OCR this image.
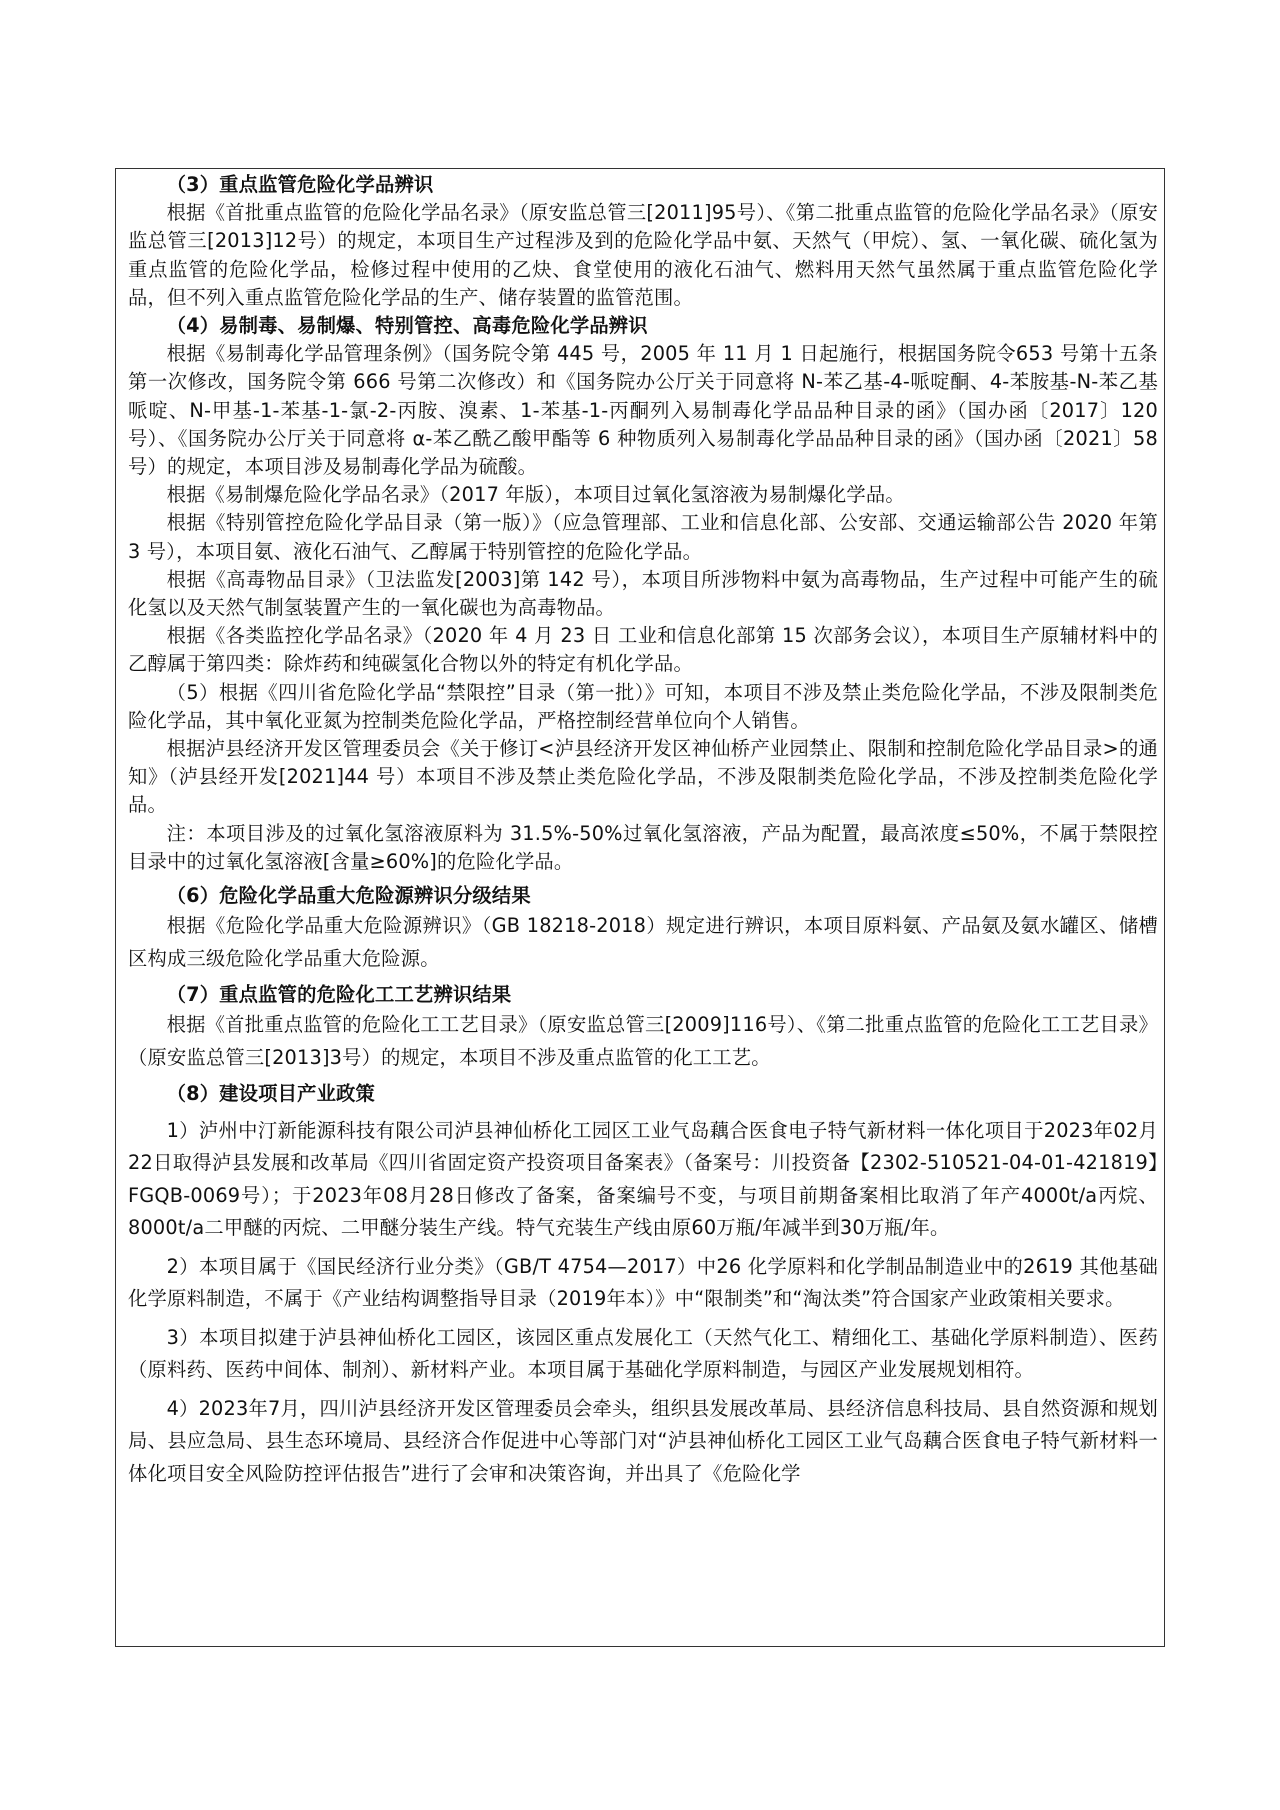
（3）重点监管危险化学品辨识

根据《首批重点监管的危险化学品名录》（原安监总管三[2011]95号）、《第二批重点监管的危险化学品名录》（原安监总管三[2013]12号）的规定，本项目生产过程涉及到的危险化学品中氨、天然气（甲烷）、氢、一氧化碳、硫化氢为重点监管的危险化学品，检修过程中使用的乙炔、食堂使用的液化石油气、燃料用天然气虽然属于重点监管危险化学品，但不列入重点监管危险化学品的生产、储存装置的监管范围。

（4）易制毒、易制爆、特别管控、高毒危险化学品辨识

根据《易制毒化学品管理条例》（国务院令第 445 号，2005 年 11 月 1 日起施行，根据国务院令653 号第十五条第一次修改，国务院令第 666 号第二次修改）和《国务院办公厅关于同意将 N-苯乙基-4-哌啶酮、4-苯胺基-N-苯乙基哌啶、N-甲基-1-苯基-1-氯-2-丙胺、溴素、1-苯基-1-丙酮列入易制毒化学品品种目录的函》（国办函〔2017〕120号）、《国务院办公厅关于同意将 α-苯乙酰乙酸甲酯等 6 种物质列入易制毒化学品品种目录的函》（国办函〔2021〕58号）的规定，本项目涉及易制毒化学品为硫酸。

根据《易制爆危险化学品名录》（2017 年版），本项目过氧化氢溶液为易制爆化学品。

根据《特别管控危险化学品目录（第一版）》（应急管理部、工业和信息化部、公安部、交通运输部公告 2020 年第 3 号），本项目氨、液化石油气、乙醇属于特别管控的危险化学品。

根据《高毒物品目录》（卫法监发[2003]第 142 号），本项目所涉物料中氨为高毒物品，生产过程中可能产生的硫化氢以及天然气制氢装置产生的一氧化碳也为高毒物品。

根据《各类监控化学品名录》（2020 年 4 月 23 日 工业和信息化部第 15 次部务会议），本项目生产原辅材料中的乙醇属于第四类：除炸药和纯碳氢化合物以外的特定有机化学品。

（5）根据《四川省危险化学品“禁限控”目录（第一批）》可知，本项目不涉及禁止类危险化学品，不涉及限制类危险化学品，其中氧化亚氮为控制类危险化学品，严格控制经营单位向个人销售。

根据泸县经济开发区管理委员会《关于修订<泸县经济开发区神仙桥产业园禁止、限制和控制危险化学品目录>的通知》（泸县经开发[2021]44 号）本项目不涉及禁止类危险化学品，不涉及限制类危险化学品，不涉及控制类危险化学品。

注：本项目涉及的过氧化氢溶液原料为 31.5%-50%过氧化氢溶液，产品为配置，最高浓度≤50%，不属于禁限控目录中的过氧化氢溶液[含量≥60%]的危险化学品。

（6）危险化学品重大危险源辨识分级结果

根据《危险化学品重大危险源辨识》（GB 18218-2018）规定进行辨识，本项目原料氨、产品氨及氨水罐区、储槽区构成三级危险化学品重大危险源。

（7）重点监管的危险化工工艺辨识结果

根据《首批重点监管的危险化工工艺目录》（原安监总管三[2009]116号）、《第二批重点监管的危险化工工艺目录》（原安监总管三[2013]3号）的规定，本项目不涉及重点监管的化工工艺。

（8）建设项目产业政策

1）泸州中汀新能源科技有限公司泸县神仙桥化工园区工业气岛藕合医食电子特气新材料一体化项目于2023年02月22日取得泸县发展和改革局《四川省固定资产投资项目备案表》（备案号：川投资备【2302-510521-04-01-421819】FGQB-0069号）；于2023年08月28日修改了备案，备案编号不变，与项目前期备案相比取消了年产4000t/a丙烷、8000t/a二甲醚的丙烷、二甲醚分装生产线。特气充装生产线由原60万瓶/年减半到30万瓶/年。

2）本项目属于《国民经济行业分类》（GB/T 4754—2017）中26 化学原料和化学制品制造业中的2619 其他基础化学原料制造，不属于《产业结构调整指导目录（2019年本）》中“限制类”和“淘汰类”符合国家产业政策相关要求。

3）本项目拟建于泸县神仙桥化工园区，该园区重点发展化工（天然气化工、精细化工、基础化学原料制造）、医药（原料药、医药中间体、制剂）、新材料产业。本项目属于基础化学原料制造，与园区产业发展规划相符。

4）2023年7月，四川泸县经济开发区管理委员会牵头，组织县发展改革局、县经济信息科技局、县自然资源和规划局、县应急局、县生态环境局、县经济合作促进中心等部门对“泸县神仙桥化工园区工业气岛藕合医食电子特气新材料一体化项目安全风险防控评估报告”进行了会审和决策咨询，并出具了《危险化学
